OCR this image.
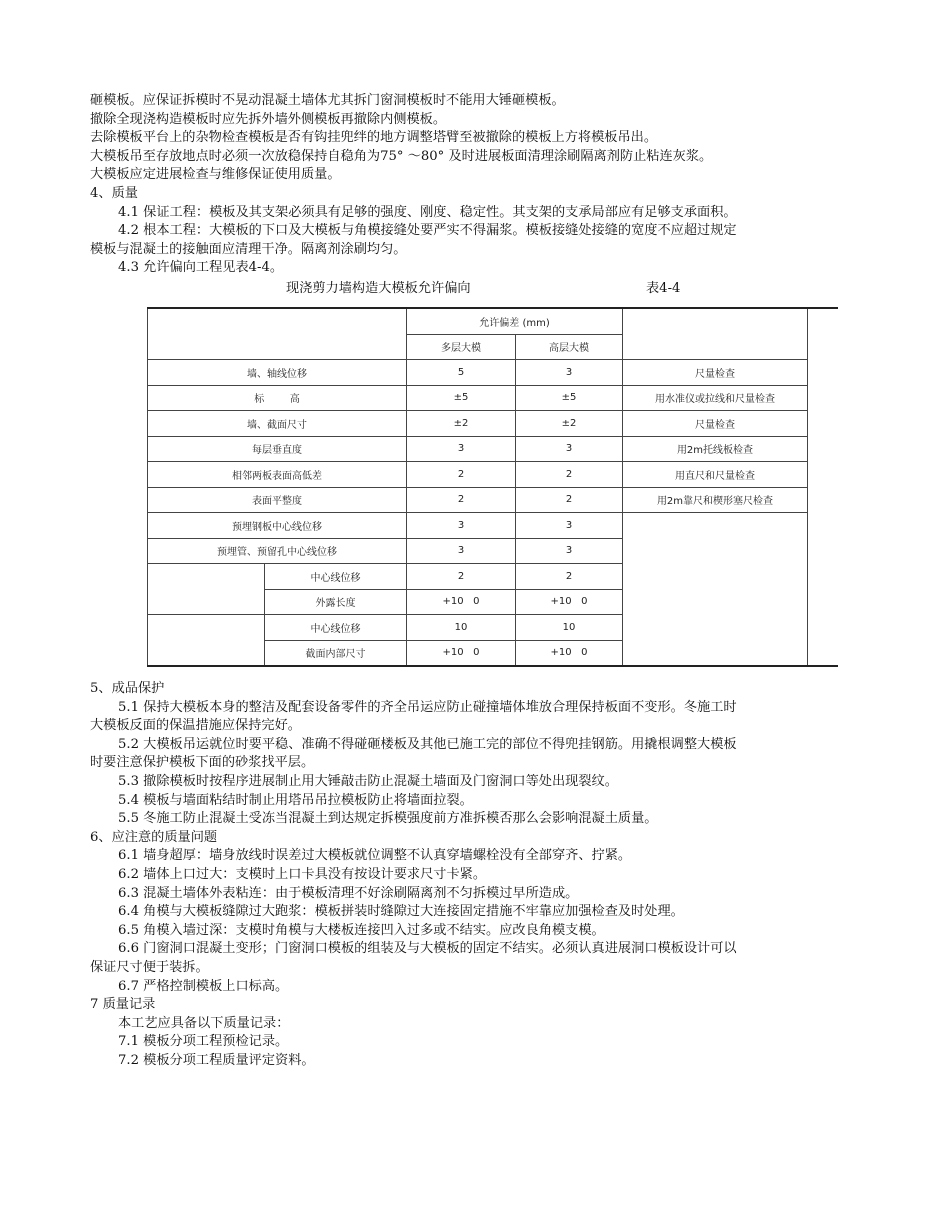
砸模板。应保证拆模时不晃动混凝土墙体尤其拆门窗洞模板时不能用大锤砸模板。

撤除全现浇构造模板时应先拆外墙外侧模板再撤除内侧模板。

去除模板平台上的杂物检查模板是否有钩挂兜绊的地方调整塔臂至被撤除的模板上方将模板吊出。

大模板吊至存放地点时必须一次放稳保持自稳角为75° ～80° 及时进展板面清理涂刷隔离剂防止粘连灰浆。

大模板应定进展检查与维修保证使用质量。

4、质量

4.1 保证工程：模板及其支架必须具有足够的强度、刚度、稳定性。其支架的支承局部应有足够支承面积。

4.2 根本工程：大模板的下口及大模板与角模接缝处要严实不得漏浆。模板接缝处接缝的宽度不应超过规定

模板与混凝土的接触面应清理干净。隔离剂涂刷均匀。

4.3 允许偏向工程见表4-4。

现浇剪力墙构造大模板允许偏向	表4-4
		允许偏差 (mm)			
		多层大模	高层大模		
墙、轴线位移		5	3	尺量检查	
标        高		±5	±5	用水准仪或拉线和尺量检查	
墙、截面尺寸		±2	±2	尺量检查	
每层垂直度		3	3	用2m托线板检查	
相邻两板表面高低差		2	2	用直尺和尺量检查	
表面平整度		2	2	用2m靠尺和楔形塞尺检查	
预埋钢板中心线位移		3	3		
预埋管、预留孔中心线位移		3	3		
	中心线位移	2	2		
	外露长度	+10   0	+10   0		
	中心线位移	10	10		
	截面内部尺寸	+10   0	+10   0		

5、成品保护

5.1 保持大模板本身的整洁及配套设备零件的齐全吊运应防止碰撞墙体堆放合理保持板面不变形。冬施工时

大模板反面的保温措施应保持完好。

5.2 大模板吊运就位时要平稳、准确不得碰砸楼板及其他已施工完的部位不得兜挂钢筋。用撬根调整大模板

时要注意保护模板下面的砂浆找平层。

5.3 撤除模板时按程序进展制止用大锤敲击防止混凝土墙面及门窗洞口等处出现裂纹。

5.4 模板与墙面粘结时制止用塔吊吊拉模板防止将墙面拉裂。

5.5 冬施工防止混凝土受冻当混凝土到达规定拆模强度前方准拆模否那么会影响混凝土质量。

6、应注意的质量问题

6.1 墙身超厚：墙身放线时误差过大模板就位调整不认真穿墙螺栓没有全部穿齐、拧紧。

6.2 墙体上口过大：支模时上口卡具没有按设计要求尺寸卡紧。

6.3 混凝土墙体外表粘连：由于模板清理不好涂刷隔离剂不匀拆模过早所造成。

6.4 角模与大模板缝隙过大跑浆：模板拼装时缝隙过大连接固定措施不牢靠应加强检查及时处理。

6.5 角模入墙过深：支模时角模与大楼板连接凹入过多或不结实。应改良角模支模。

6.6 门窗洞口混凝土变形；门窗洞口模板的组装及与大模板的固定不结实。必须认真进展洞口模板设计可以

保证尺寸便于装拆。

6.7 严格控制模板上口标高。

7 质量记录

本工艺应具备以下质量记录：

7.1 模板分项工程预检记录。

7.2 模板分项工程质量评定资料。
